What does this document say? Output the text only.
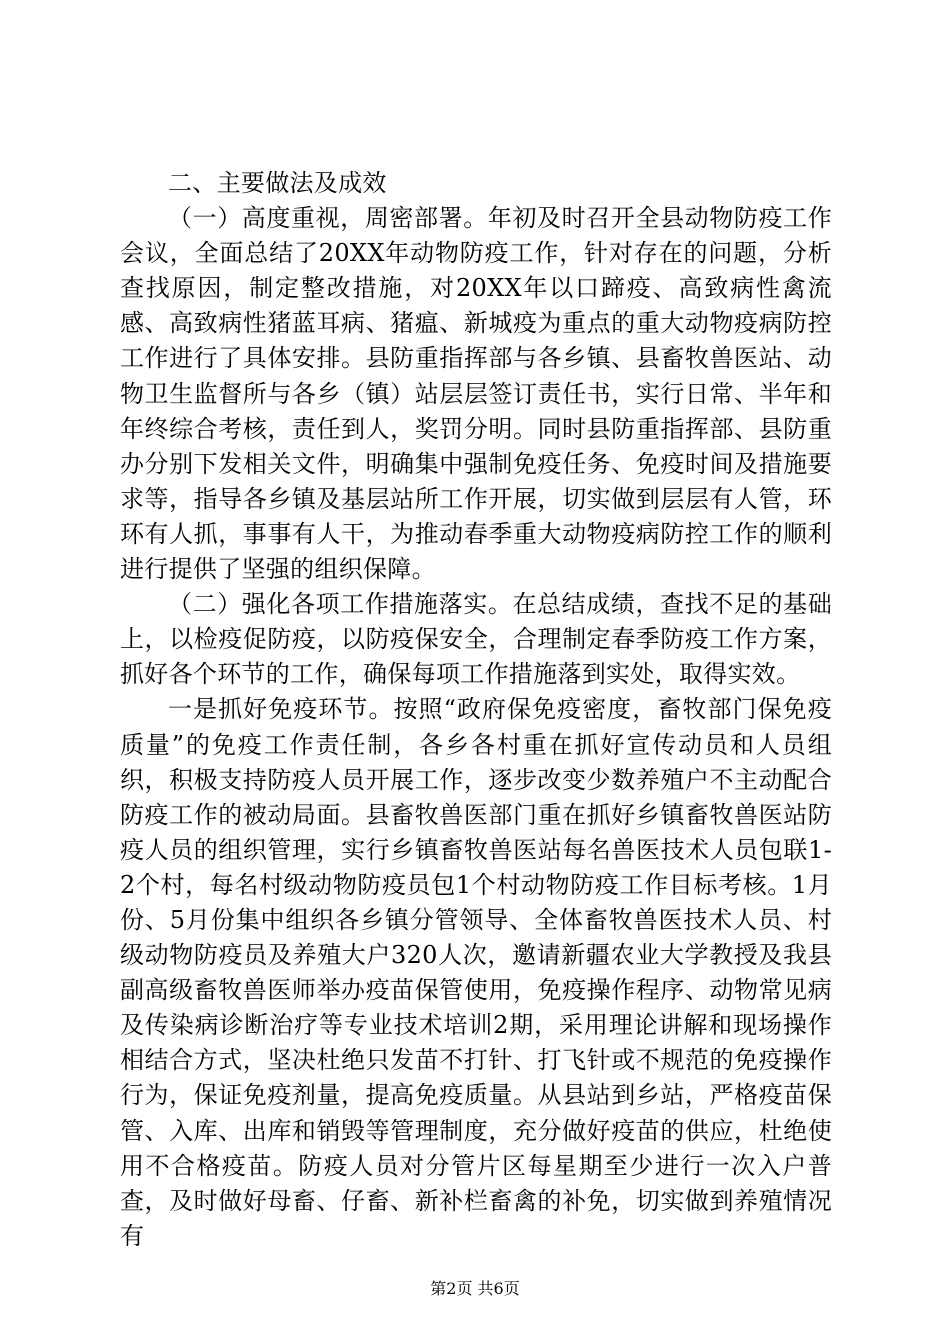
二、主要做法及成效

（一）高度重视，周密部署。年初及时召开全县动物防疫工作会议，全面总结了20XX年动物防疫工作，针对存在的问题，分析查找原因，制定整改措施，对20XX年以口蹄疫、高致病性禽流感、高致病性猪蓝耳病、猪瘟、新城疫为重点的重大动物疫病防控工作进行了具体安排。县防重指挥部与各乡镇、县畜牧兽医站、动物卫生监督所与各乡（镇）站层层签订责任书，实行日常、半年和年终综合考核，责任到人，奖罚分明。同时县防重指挥部、县防重办分别下发相关文件，明确集中强制免疫任务、免疫时间及措施要求等，指导各乡镇及基层站所工作开展，切实做到层层有人管，环环有人抓，事事有人干，为推动春季重大动物疫病防控工作的顺利进行提供了坚强的组织保障。

（二）强化各项工作措施落实。在总结成绩，查找不足的基础上，以检疫促防疫，以防疫保安全，合理制定春季防疫工作方案，抓好各个环节的工作，确保每项工作措施落到实处，取得实效。

一是抓好免疫环节。按照“政府保免疫密度，畜牧部门保免疫质量”的免疫工作责任制，各乡各村重在抓好宣传动员和人员组织，积极支持防疫人员开展工作，逐步改变少数养殖户不主动配合防疫工作的被动局面。县畜牧兽医部门重在抓好乡镇畜牧兽医站防疫人员的组织管理，实行乡镇畜牧兽医站每名兽医技术人员包联1-2个村，每名村级动物防疫员包1个村动物防疫工作目标考核。1月份、5月份集中组织各乡镇分管领导、全体畜牧兽医技术人员、村级动物防疫员及养殖大户320人次，邀请新疆农业大学教授及我县副高级畜牧兽医师举办疫苗保管使用，免疫操作程序、动物常见病及传染病诊断治疗等专业技术培训2期，采用理论讲解和现场操作相结合方式，坚决杜绝只发苗不打针、打飞针或不规范的免疫操作行为，保证免疫剂量，提高免疫质量。从县站到乡站，严格疫苗保管、入库、出库和销毁等管理制度，充分做好疫苗的供应，杜绝使用不合格疫苗。防疫人员对分管片区每星期至少进行一次入户普查，及时做好母畜、仔畜、新补栏畜禽的补免，切实做到养殖情况有

第2页 共6页
